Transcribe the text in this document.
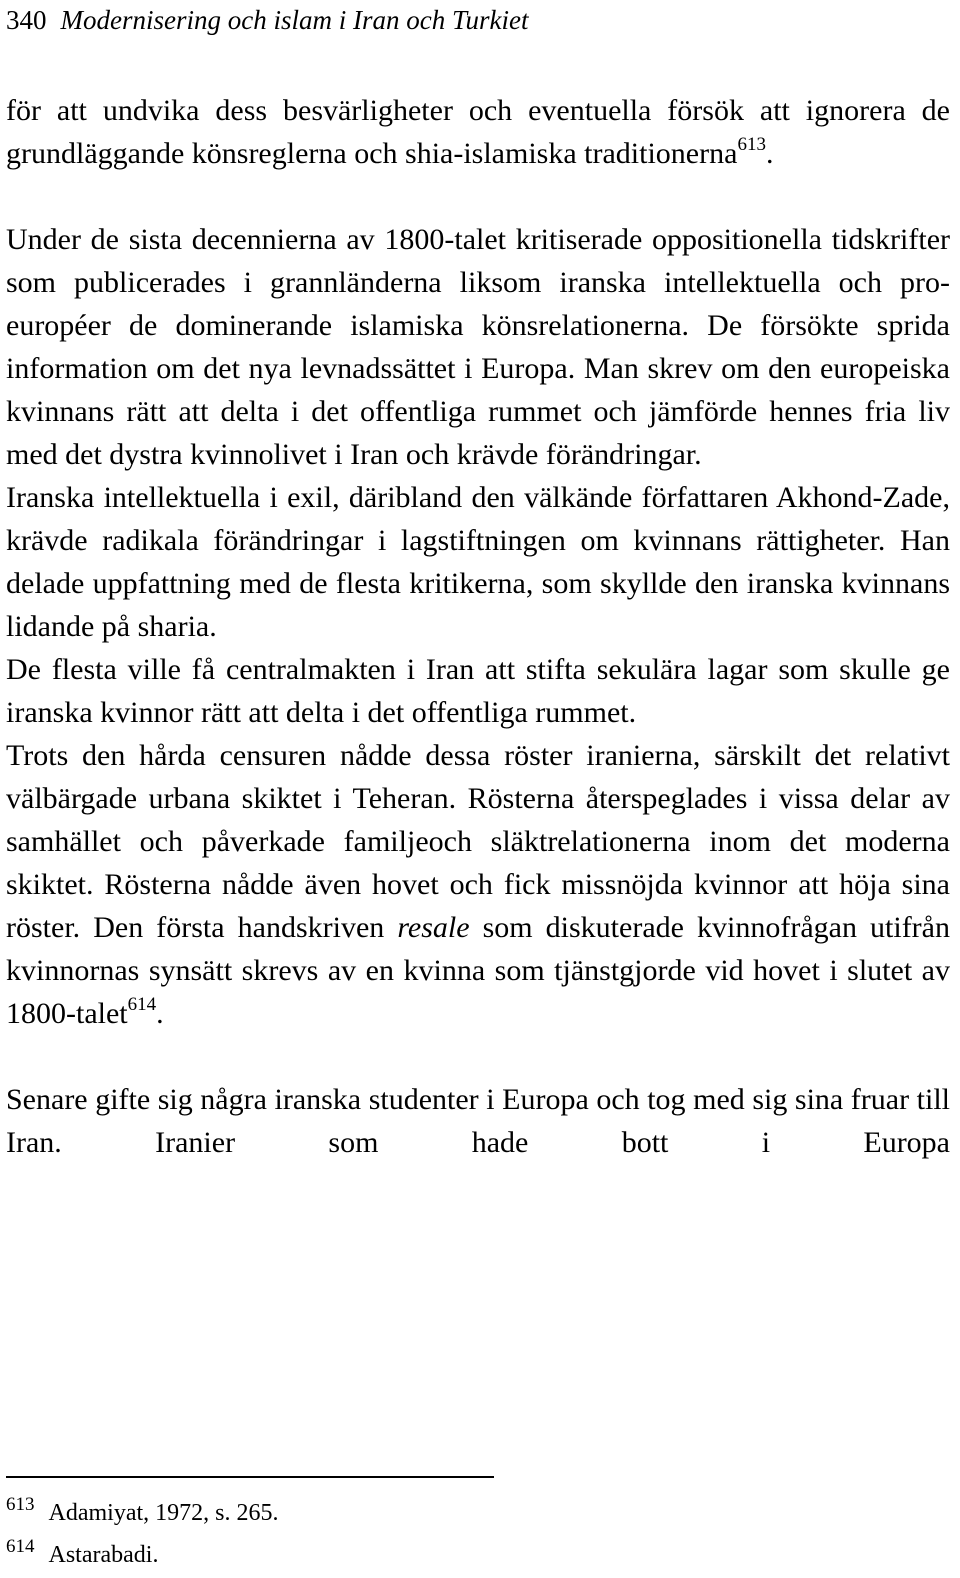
340 Modernisering och islam i Iran och Turkiet

för att undvika dess besvärligheter och eventuella försök att ignorera de grundläggande könsreglerna och shia-islamiska traditionerna$^{613}$.

Under de sista decennierna av 1800-talet kritiserade oppositionella tidskrifter som publicerades i grannländerna liksom iranska intellektuella och pro-européer de dominerande islamiska könsrelationerna. De försökte sprida information om det nya levnadssättet i Europa. Man skrev om den europeiska kvinnans rätt att delta i det offentliga rummet och jämförde hennes fria liv med det dystra kvinnolivet i Iran och krävde förändringar.

Iranska intellektuella i exil, däribland den välkände författaren Akhond-Zade, krävde radikala förändringar i lagstiftningen om kvinnans rättigheter. Han delade uppfattning med de flesta kritikerna, som skyllde den iranska kvinnans lidande på sharia.

De flesta ville få centralmakten i Iran att stifta sekulära lagar som skulle ge iranska kvinnor rätt att delta i det offentliga rummet.

Trots den hårda censuren nådde dessa röster iranierna, särskilt det relativt välbärgade urbana skiktet i Teheran. Rösterna återspeglades i vissa delar av samhället och påverkade familjeoch släktrelationerna inom det moderna skiktet. Rösterna nådde även hovet och fick missnöjda kvinnor att höja sina röster. Den första handskriven resale som diskuterade kvinnofrågan utifrån kvinnornas synsätt skrevs av en kvinna som tjänstgjorde vid hovet i slutet av 1800-talet$^{614}$.

Senare gifte sig några iranska studenter i Europa och tog med sig sina fruar till Iran. Iranier som hade bott i Europa

$^{613}$ Adamiyat, 1972, s. 265.
$^{614}$ Astarabadi.
